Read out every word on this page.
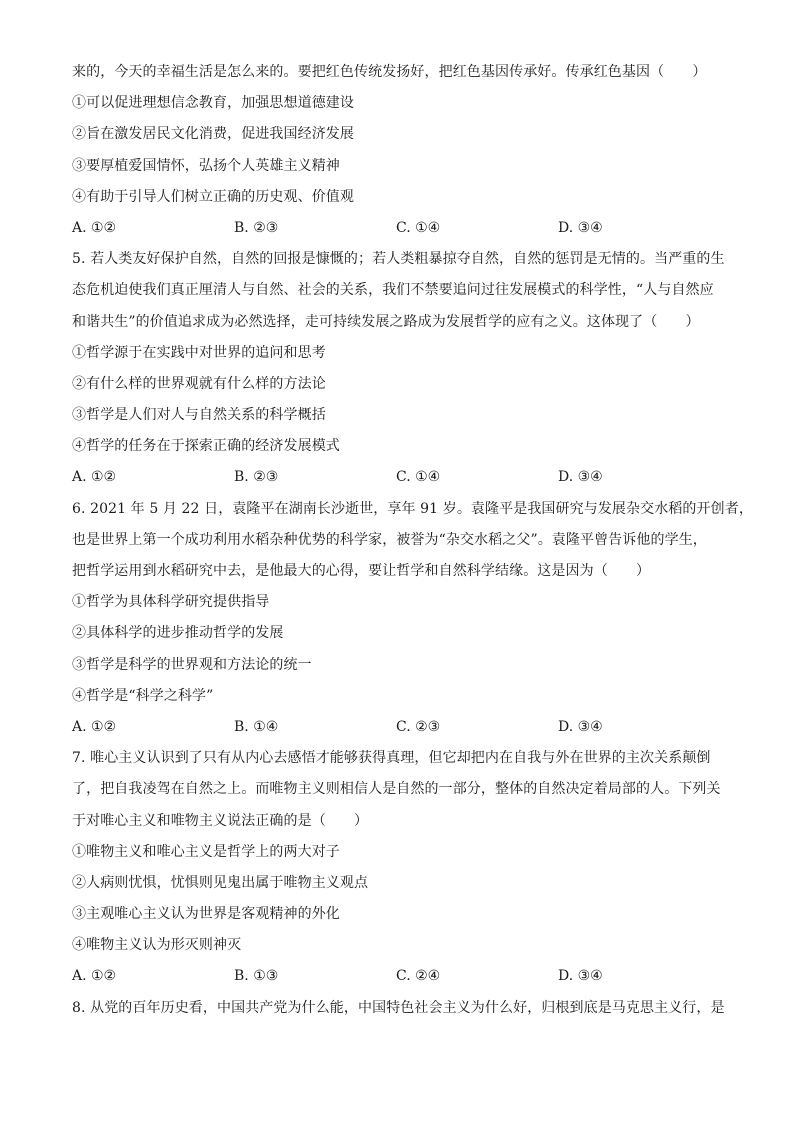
来的，今天的幸福生活是怎么来的。要把红色传统发扬好，把红色基因传承好。传承红色基因（　　）
①可以促进理想信念教育，加强思想道德建设
②旨在激发居民文化消费，促进我国经济发展
③要厚植爱国情怀，弘扬个人英雄主义精神
④有助于引导人们树立正确的历史观、价值观
A. ①②	B. ②③	C. ①④	D. ③④
5. 若人类友好保护自然，自然的回报是慷慨的；若人类粗暴掠夺自然，自然的惩罚是无情的。当严重的生
态危机迫使我们真正厘清人与自然、社会的关系，我们不禁要追问过往发展模式的科学性，“人与自然应
和谐共生”的价值追求成为必然选择，走可持续发展之路成为发展哲学的应有之义。这体现了（　　）
①哲学源于在实践中对世界的追问和思考
②有什么样的世界观就有什么样的方法论
③哲学是人们对人与自然关系的科学概括
④哲学的任务在于探索正确的经济发展模式
A. ①②	B. ②③	C. ①④	D. ③④
6. 2021 年 5 月 22 日，袁隆平在湖南长沙逝世，享年 91 岁。袁隆平是我国研究与发展杂交水稻的开创者，
也是世界上第一个成功利用水稻杂种优势的科学家，被誉为“杂交水稻之父”。袁隆平曾告诉他的学生，
把哲学运用到水稻研究中去，是他最大的心得，要让哲学和自然科学结缘。这是因为（　　）
①哲学为具体科学研究提供指导
②具体科学的进步推动哲学的发展
③哲学是科学的世界观和方法论的统一
④哲学是“科学之科学”
A. ①②	B. ①④	C. ②③	D. ③④
7. 唯心主义认识到了只有从内心去感悟才能够获得真理，但它却把内在自我与外在世界的主次关系颠倒
了，把自我凌驾在自然之上。而唯物主义则相信人是自然的一部分，整体的自然决定着局部的人。下列关
于对唯心主义和唯物主义说法正确的是（　　）
①唯物主义和唯心主义是哲学上的两大对子
②人病则忧惧，忧惧则见鬼出属于唯物主义观点
③主观唯心主义认为世界是客观精神的外化
④唯物主义认为形灭则神灭
A. ①②	B. ①③	C. ②④	D. ③④
8. 从党的百年历史看，中国共产党为什么能，中国特色社会主义为什么好，归根到底是马克思主义行，是
